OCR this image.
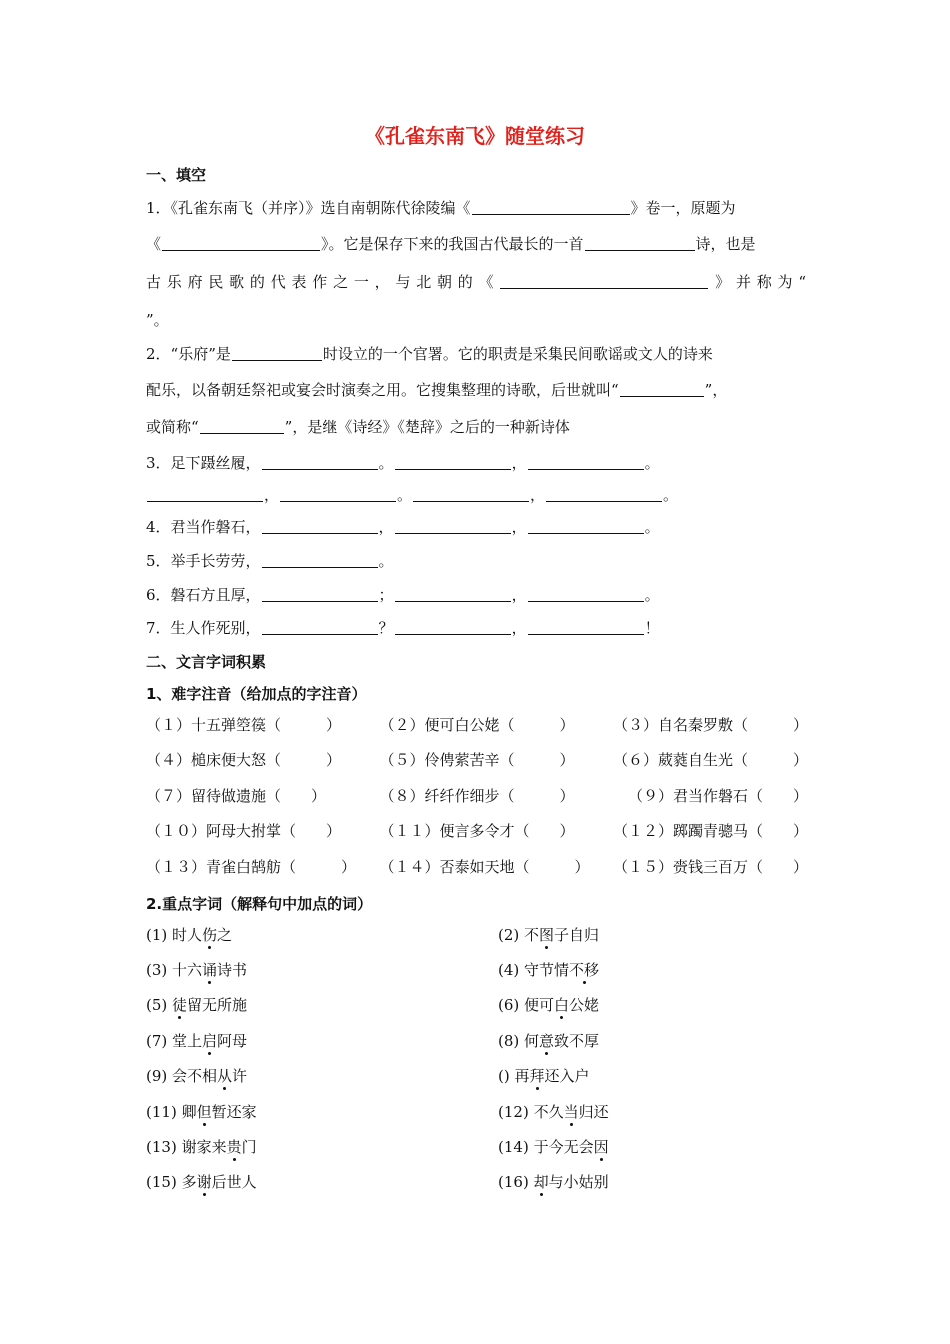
《孔雀东南飞》随堂练习
一、填空
1．《孔雀东南飞（并序）》选自南朝陈代徐陵编《	》卷一，原题为
《	》。它是保存下来的我国古代最长的一首	诗，也是
古乐府民歌的代表作之一，与北朝的《	》并称为“
”。
2．“乐府”是	时设立的一个官署。它的职责是采集民间歌谣或文人的诗来
配乐，以备朝廷祭祀或宴会时演奏之用。它搜集整理的诗歌，后世就叫“	”，
或简称“	”，是继《诗经》《楚辞》之后的一种新诗体
3．足下蹑丝履，	。	，	。
，	。	，	。
4．君当作磐石，	，	，	。
5．举手长劳劳，	。
6．磐石方且厚，	；	，	。
7．生人作死别，	？	，	！
二、文言字词积累
1、难字注音（给加点的字注音）
（１）十五弹箜篌（　　　）	（２）便可白公姥（　　　）	（３）自名秦罗敷（　　　）
（４）槌床便大怒（　　　）	（５）伶俜萦苦辛（　　　）	（６）葳蕤自生光（　　　）
（７）留待做遗施（　　）	（８）纤纤作细步（　　　）	（９）君当作磐石（　　）
（１０）阿母大拊掌（　　）	（１１）便言多令才（　　）	（１２）踯躅青骢马（　　）
（１３）青雀白鹄舫（　　　） （１４）否泰如天地（　　　） （１５）赍钱三百万（　　）
2.重点字词（解释句中加点的词）
(1) 时人伤之	(2) 不图子自归
(3) 十六诵诗书	(4) 守节情不移
(5) 徒留无所施	(6) 便可白公姥
(7) 堂上启阿母	(8) 何意致不厚
(9) 会不相从许	() 再拜还入户
(11) 卿但暂还家	(12) 不久当归还
(13) 谢家来贵门	(14) 于今无会因
(15) 多谢后世人	(16) 却与小姑别
